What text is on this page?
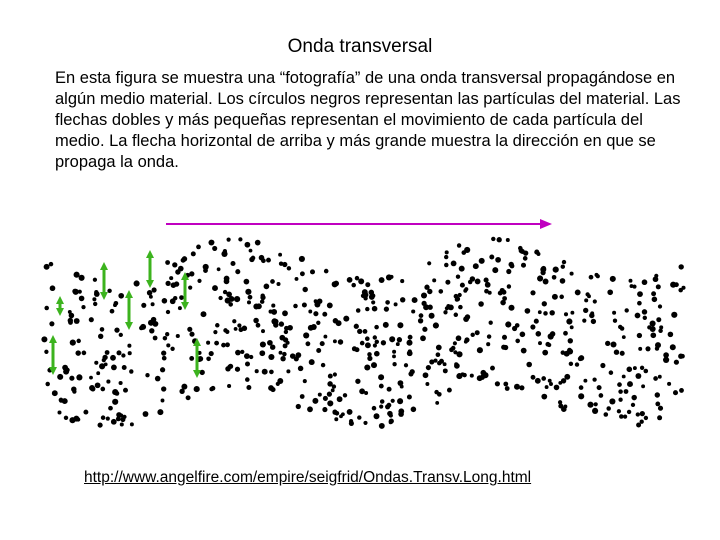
Onda transversal

En esta figura se muestra una “fotografía” de una onda transversal propagándose en algún medio material. Los círculos negros representan las partículas del material. Las flechas dobles y más pequeñas representan el movimiento de cada partícula del medio. La flecha horizontal de arriba y más grande muestra la dirección en que se propaga la onda.

http://www.angelfire.com/empire/seigfrid/Ondas.Transv.Long.html
